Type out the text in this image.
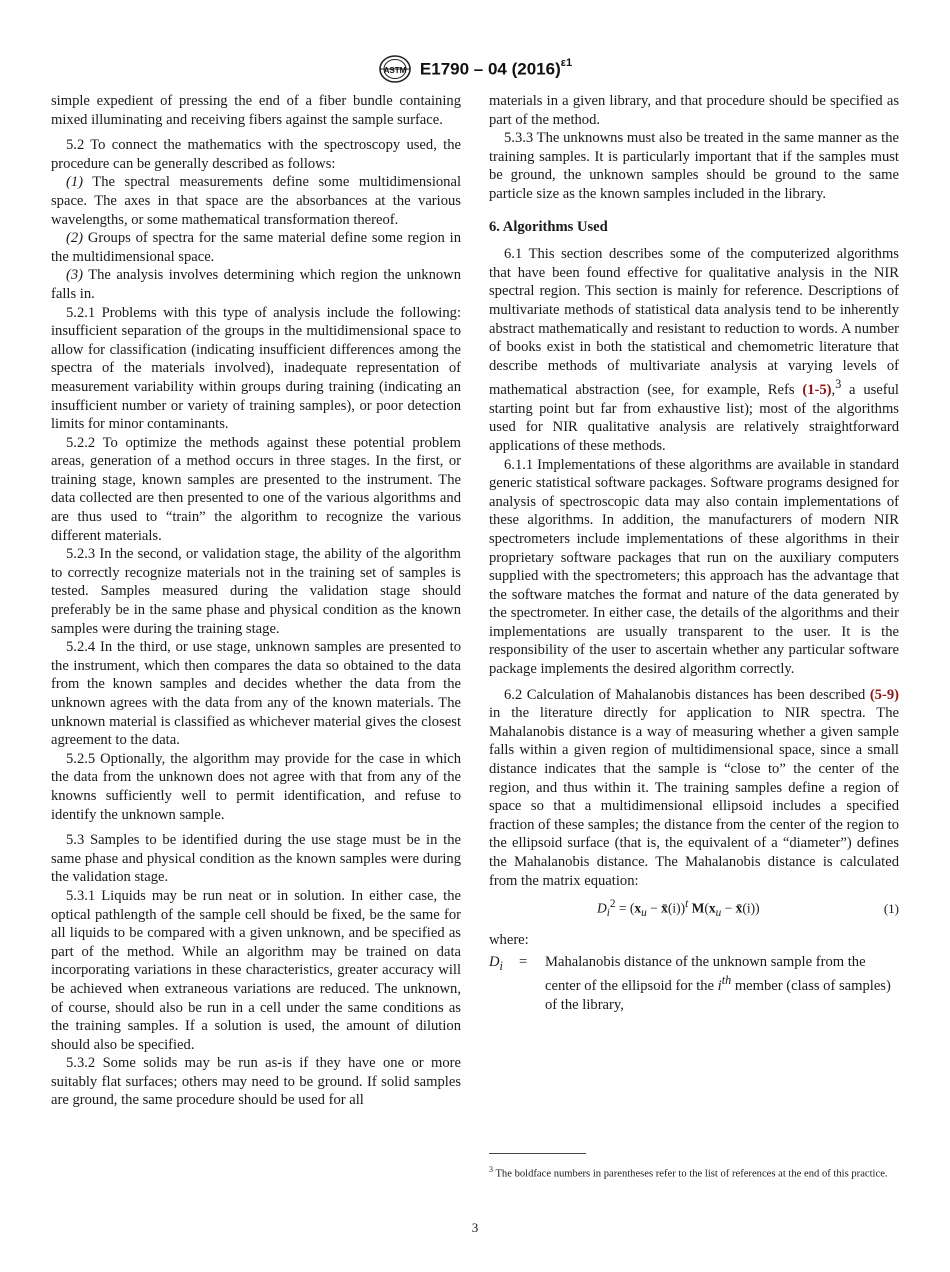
ASTM E1790 – 04 $(2016)^{\varepsilon 1}$

simple expedient of pressing the end of a fiber bundle containing mixed illuminating and receiving fibers against the sample surface.

5.2 To connect the mathematics with the spectroscopy used, the procedure can be generally described as follows:

(1) The spectral measurements define some multidimensional space. The axes in that space are the absorbances at the various wavelengths, or some mathematical transformation thereof.

(2) Groups of spectra for the same material define some region in the multidimensional space.

(3) The analysis involves determining which region the unknown falls in.

5.2.1 Problems with this type of analysis include the following: insufficient separation of the groups in the multidimensional space to allow for classification (indicating insufficient differences among the spectra of the materials involved), inadequate representation of measurement variability within groups during training (indicating an insufficient number or variety of training samples), or poor detection limits for minor contaminants.

5.2.2 To optimize the methods against these potential problem areas, generation of a method occurs in three stages. In the first, or training stage, known samples are presented to the instrument. The data collected are then presented to one of the various algorithms and are thus used to “train” the algorithm to recognize the various different materials.

5.2.3 In the second, or validation stage, the ability of the algorithm to correctly recognize materials not in the training set of samples is tested. Samples measured during the validation stage should preferably be in the same phase and physical condition as the known samples were during the training stage.

5.2.4 In the third, or use stage, unknown samples are presented to the instrument, which then compares the data so obtained to the data from the known samples and decides whether the data from the unknown agrees with the data from any of the known materials. The unknown material is classified as whichever material gives the closest agreement to the data.

5.2.5 Optionally, the algorithm may provide for the case in which the data from the unknown does not agree with that from any of the knowns sufficiently well to permit identification, and refuse to identify the unknown sample.

5.3 Samples to be identified during the use stage must be in the same phase and physical condition as the known samples were during the validation stage.

5.3.1 Liquids may be run neat or in solution. In either case, the optical pathlength of the sample cell should be fixed, be the same for all liquids to be compared with a given unknown, and be specified as part of the method. While an algorithm may be trained on data incorporating variations in these characteristics, greater accuracy will be achieved when extraneous variations are reduced. The unknown, of course, should also be run in a cell under the same conditions as the training samples. If a solution is used, the amount of dilution should also be specified.

5.3.2 Some solids may be run as-is if they have one or more suitably flat surfaces; others may need to be ground. If solid samples are ground, the same procedure should be used for all

materials in a given library, and that procedure should be specified as part of the method.

5.3.3 The unknowns must also be treated in the same manner as the training samples. It is particularly important that if the samples must be ground, the unknown samples should be ground to the same particle size as the known samples included in the library.

6. Algorithms Used

6.1 This section describes some of the computerized algorithms that have been found effective for qualitative analysis in the NIR spectral region. This section is mainly for reference. Descriptions of multivariate methods of statistical data analysis tend to be inherently abstract mathematically and resistant to reduction to words. A number of books exist in both the statistical and chemometric literature that describe methods of multivariate analysis at varying levels of mathematical abstraction (see, for example, Refs (1-5),$^3$ a useful starting point but far from exhaustive list); most of the algorithms used for NIR qualitative analysis are relatively straightforward applications of these methods.

6.1.1 Implementations of these algorithms are available in standard generic statistical software packages. Software programs designed for analysis of spectroscopic data may also contain implementations of these algorithms. In addition, the manufacturers of modern NIR spectrometers include implementations of these algorithms in their proprietary software packages that run on the auxiliary computers supplied with the spectrometers; this approach has the advantage that the software matches the format and nature of the data generated by the spectrometer. In either case, the details of the algorithms and their implementations are usually transparent to the user. It is the responsibility of the user to ascertain whether any particular software package implements the desired algorithm correctly.

6.2 Calculation of Mahalanobis distances has been described (5-9) in the literature directly for application to NIR spectra. The Mahalanobis distance is a way of measuring whether a given sample falls within a given region of multidimensional space, since a small distance indicates that the sample is “close to” the center of the region, and thus within it. The training samples define a region of space so that a multidimensional ellipsoid includes a specified fraction of these samples; the distance from the center of the region to the ellipsoid surface (that is, the equivalent of a “diameter”) defines the Mahalanobis distance. The Mahalanobis distance is calculated from the matrix equation:

$D_i^2 = (x_u$ − x̄(i))$^t$ $M(x_u$ − x̄(i))	(1)

where:

$D_i$	=	Mahalanobis distance of the unknown sample from the center of the ellipsoid for the $i^{th}$ member (class of samples) of the library,
$^3$ The boldface numbers in parentheses refer to the list of references at the end of this practice.
3
